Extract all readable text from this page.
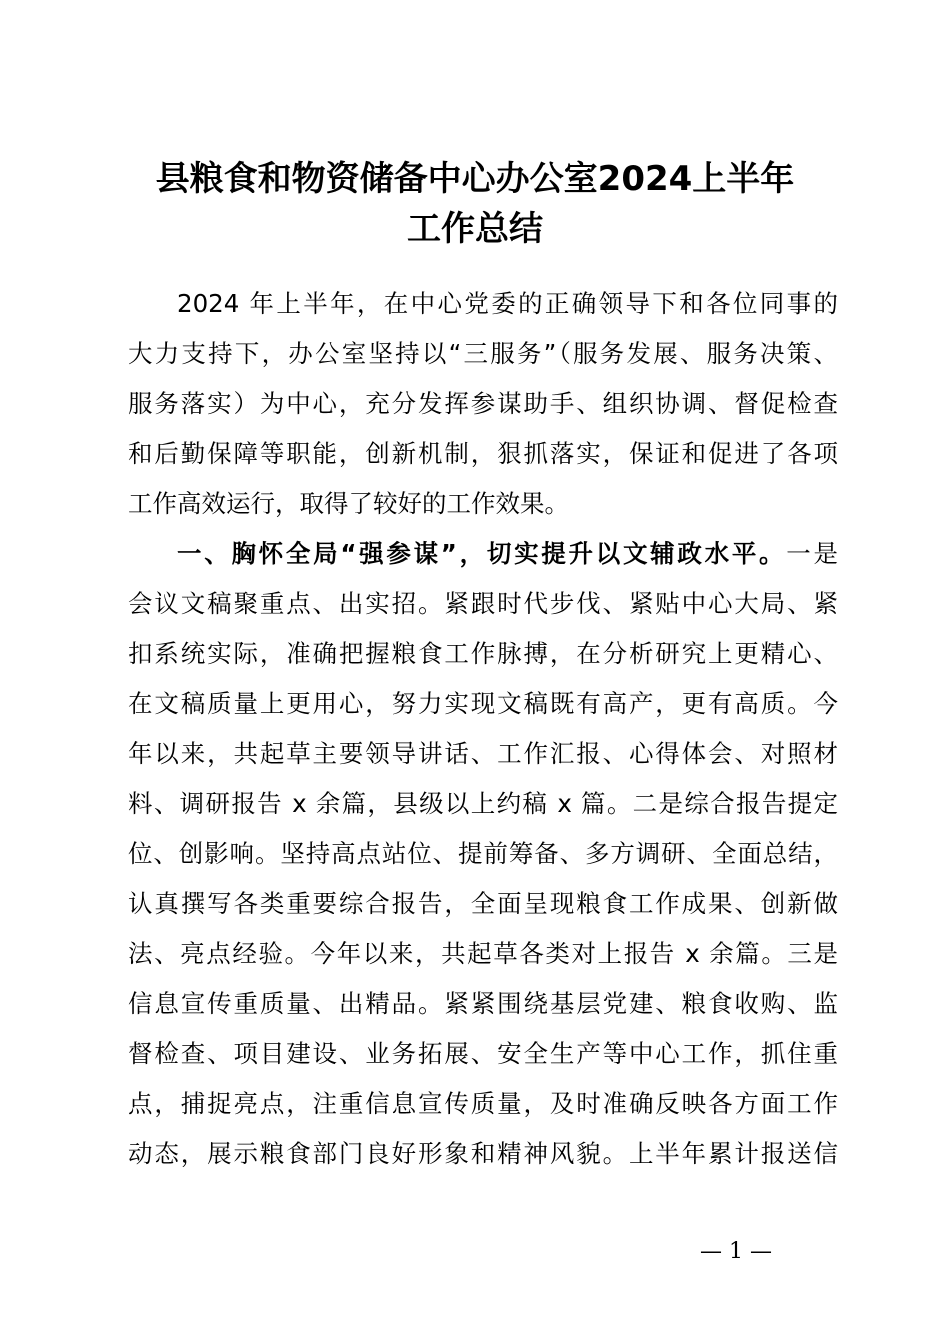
县粮食和物资储备中心办公室2024上半年
工作总结
2024 年上半年，在中心党委的正确领导下和各位同事的
大力支持下，办公室坚持以“三服务”（服务发展、服务决策、
服务落实）为中心，充分发挥参谋助手、组织协调、督促检查
和后勤保障等职能，创新机制，狠抓落实，保证和促进了各项
工作高效运行，取得了较好的工作效果。
一、胸怀全局“强参谋”，切实提升以文辅政水平。一是
会议文稿聚重点、出实招。紧跟时代步伐、紧贴中心大局、紧
扣系统实际，准确把握粮食工作脉搏，在分析研究上更精心、
在文稿质量上更用心，努力实现文稿既有高产，更有高质。今
年以来，共起草主要领导讲话、工作汇报、心得体会、对照材
料、调研报告 x 余篇，县级以上约稿 x 篇。二是综合报告提定
位、创影响。坚持高点站位、提前筹备、多方调研、全面总结，
认真撰写各类重要综合报告，全面呈现粮食工作成果、创新做
法、亮点经验。今年以来，共起草各类对上报告 x 余篇。三是
信息宣传重质量、出精品。紧紧围绕基层党建、粮食收购、监
督检查、项目建设、业务拓展、安全生产等中心工作，抓住重
点，捕捉亮点，注重信息宣传质量，及时准确反映各方面工作
动态，展示粮食部门良好形象和精神风貌。上半年累计报送信
— 1 —
